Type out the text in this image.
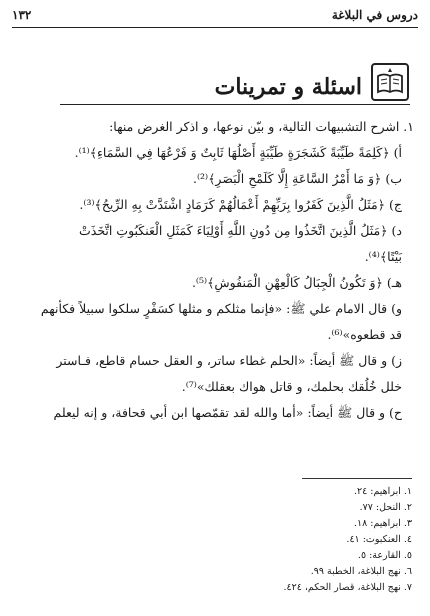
دروس في البلاغة
١٣٢
اسئلة و تمرينات

١. اشرح التشبيهات التالية، و بيّن نوعها، و اذكر الغرض منها:

أ) ﴿كَلِمَةً طَيِّبَةً كَشَجَرَةٍ طَيِّبَةٍ أَصْلُهَا ثَابِتٌ وَ فَرْعُهَا فِي السَّمَاءِ﴾⁽¹⁾.

ب) ﴿وَ مَا أَمْرُ السَّاعَةِ إِلَّا كَلَمْحِ الْبَصَرِ﴾⁽²⁾.

ج) ﴿مَثَلُ الَّذِينَ كَفَرُوا بِرَبِّهِمْ أَعْمَالُهُمْ كَرَمَادٍ اشْتَدَّتْ بِهِ الرِّيحُ﴾⁽³⁾.

د) ﴿مَثَلُ الَّذِينَ اتَّخَذُوا مِن دُونِ اللَّهِ أَوْلِيَاءَ كَمَثَلِ الْعَنكَبُوتِ اتَّخَذَتْ

بَيْتًا﴾⁽⁴⁾.

هـ) ﴿وَ تَكُونُ الْجِبَالُ كَالْعِهْنِ الْمَنفُوشِ﴾⁽⁵⁾.

و) قال الامام علي ﷺ: «فإنما مثلكم و مثلها كسَفْرٍ سلكوا سبيلاً فكأنهم

قد قطعوه»⁽⁶⁾.

ز) و قال ﷺ أيضاً: «الحلم غطاء ساتر، و العقل حسام قاطع، فـاستر

خلل خُلُقك بحلمك، و قاتل هواك بعقلك»⁽⁷⁾.

ح) و قال ﷺ أيضاً: «أما والله لقد تقمّصها ابن أبي قحافة، و إنه ليعلم

١. ابراهيم: ٢٤.
٢. النحل: ٧٧.
٣. ابراهيم: ١٨.
٤. العنكبوت: ٤١.
٥. القارعة: ٥.
٦. نهج البلاغة، الخطبة ٩٩.
٧. نهج البلاغة، قصار الحكم، ٤٢٤.
